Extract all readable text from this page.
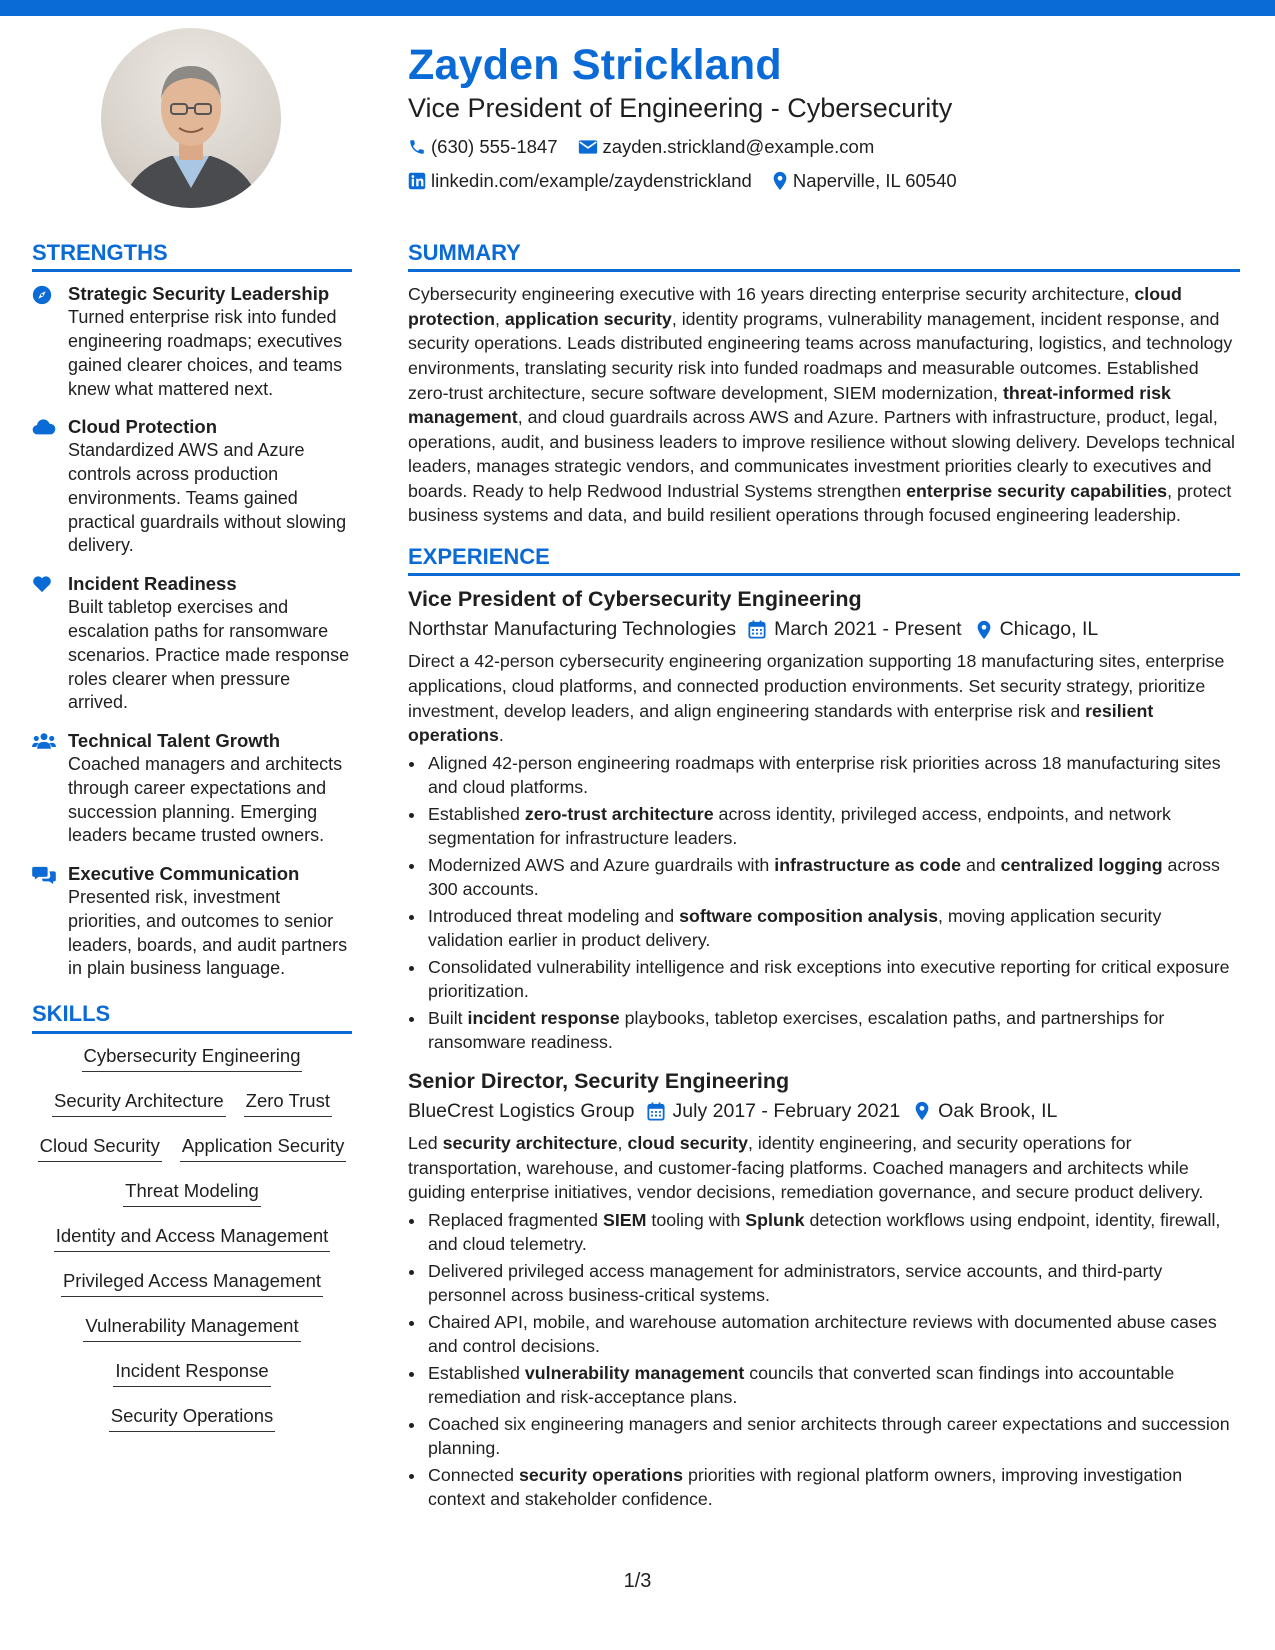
Zayden Strickland
Vice President of Engineering - Cybersecurity
(630) 555-1847 zayden.strickland@example.com
linkedin.com/example/zaydenstrickland Naperville, IL 60540
STRENGTHS
Strategic Security Leadership
Turned enterprise risk into funded engineering roadmaps; executives gained clearer choices, and teams knew what mattered next.
Cloud Protection
Standardized AWS and Azure controls across production environments. Teams gained practical guardrails without slowing delivery.
Incident Readiness
Built tabletop exercises and escalation paths for ransomware scenarios. Practice made response roles clearer when pressure arrived.
Technical Talent Growth
Coached managers and architects through career expectations and succession planning. Emerging leaders became trusted owners.
Executive Communication
Presented risk, investment priorities, and outcomes to senior leaders, boards, and audit partners in plain business language.
SKILLS
Cybersecurity Engineering
Security Architecture Zero Trust
Cloud Security Application Security
Threat Modeling
Identity and Access Management
Privileged Access Management
Vulnerability Management
Incident Response
Security Operations
SUMMARY

Cybersecurity engineering executive with 16 years directing enterprise security architecture, cloud protection, application security, identity programs, vulnerability management, incident response, and security operations. Leads distributed engineering teams across manufacturing, logistics, and technology environments, translating security risk into funded roadmaps and measurable outcomes. Established zero-trust architecture, secure software development, SIEM modernization, threat-informed risk management, and cloud guardrails across AWS and Azure. Partners with infrastructure, product, legal, operations, audit, and business leaders to improve resilience without slowing delivery. Develops technical leaders, manages strategic vendors, and communicates investment priorities clearly to executives and boards. Ready to help Redwood Industrial Systems strengthen enterprise security capabilities, protect business systems and data, and build resilient operations through focused engineering leadership.

EXPERIENCE
Vice President of Cybersecurity Engineering
Northstar Manufacturing Technologies March 2021 - Present Chicago, IL

Direct a 42-person cybersecurity engineering organization supporting 18 manufacturing sites, enterprise applications, cloud platforms, and connected production environments. Set security strategy, prioritize investment, develop leaders, and align engineering standards with enterprise risk and resilient operations.

• Aligned 42-person engineering roadmaps with enterprise risk priorities across 18 manufacturing sites and cloud platforms.
• Established zero-trust architecture across identity, privileged access, endpoints, and network segmentation for infrastructure leaders.
• Modernized AWS and Azure guardrails with infrastructure as code and centralized logging across 300 accounts.
• Introduced threat modeling and software composition analysis, moving application security validation earlier in product delivery.
• Consolidated vulnerability intelligence and risk exceptions into executive reporting for critical exposure prioritization.
• Built incident response playbooks, tabletop exercises, escalation paths, and partnerships for ransomware readiness.
Senior Director, Security Engineering
BlueCrest Logistics Group July 2017 - February 2021 Oak Brook, IL

Led security architecture, cloud security, identity engineering, and security operations for transportation, warehouse, and customer-facing platforms. Coached managers and architects while guiding enterprise initiatives, vendor decisions, remediation governance, and secure product delivery.

• Replaced fragmented SIEM tooling with Splunk detection workflows using endpoint, identity, firewall, and cloud telemetry.
• Delivered privileged access management for administrators, service accounts, and third-party personnel across business-critical systems.
• Chaired API, mobile, and warehouse automation architecture reviews with documented abuse cases and control decisions.
• Established vulnerability management councils that converted scan findings into accountable remediation and risk-acceptance plans.
• Coached six engineering managers and senior architects through career expectations and succession planning.
• Connected security operations priorities with regional platform owners, improving investigation context and stakeholder confidence.
1/3
